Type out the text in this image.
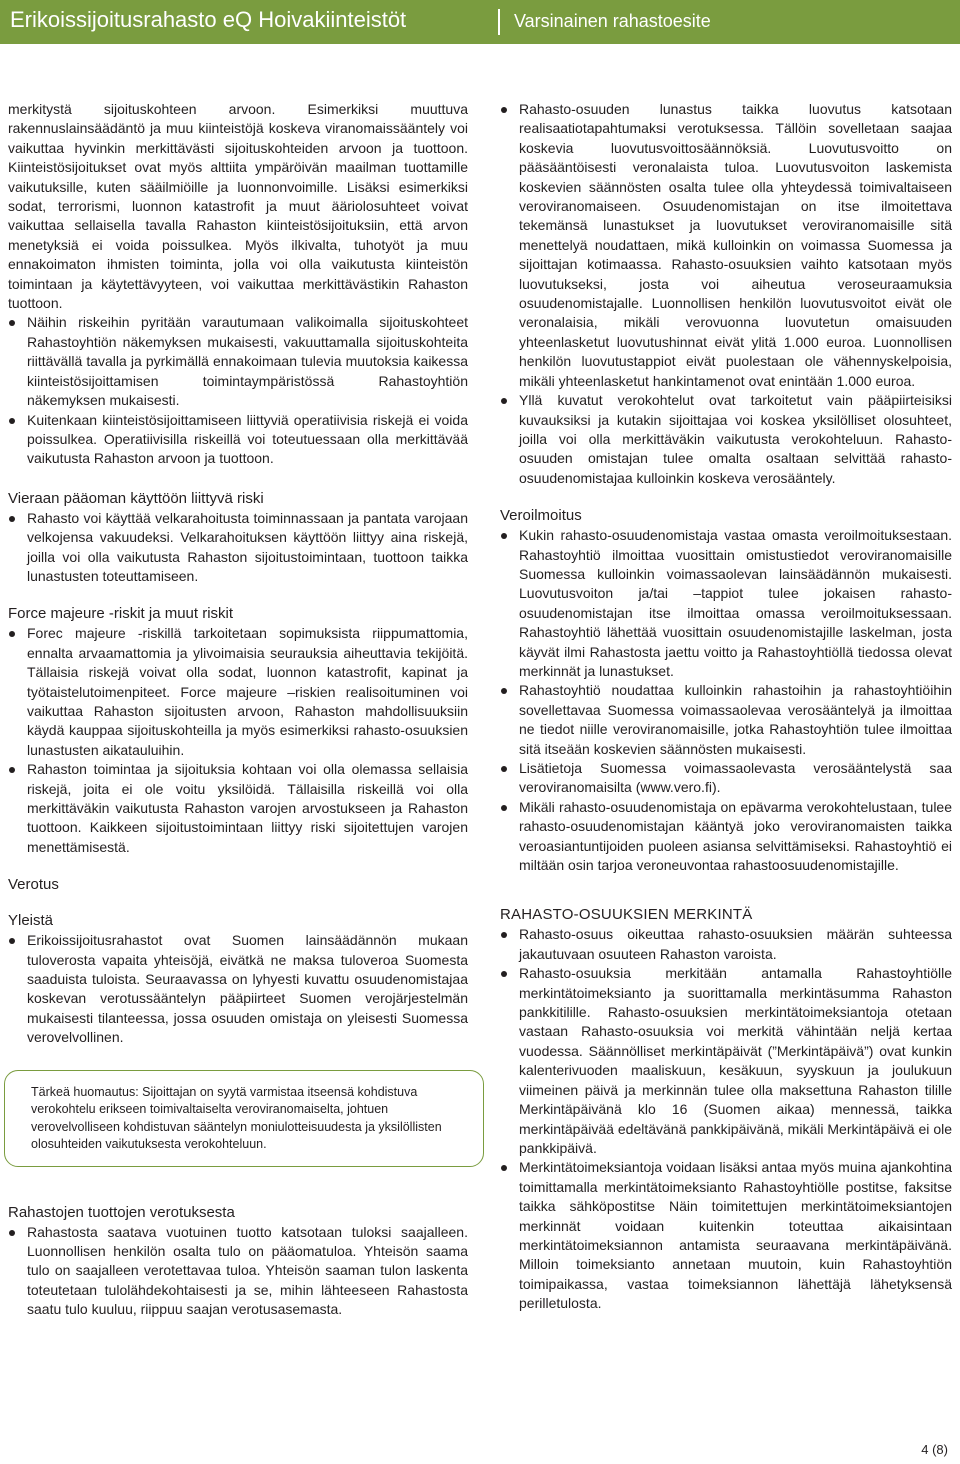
Erikoissijoitusrahasto eQ Hoivakiinteistöt	Varsinainen rahastoesite

merkitystä sijoituskohteen arvoon. Esimerkiksi muuttuva rakennuslainsäädäntö ja muu kiinteistöjä koskeva viranomaissääntely voi vaikuttaa hyvinkin merkittävästi sijoituskohteiden arvoon ja tuottoon. Kiinteistösijoitukset ovat myös alttiita ympäröivän maailman tuottamille vaikutuksille, kuten sääilmiöille ja luonnonvoimille. Lisäksi esimerkiksi sodat, terrorismi, luonnon katastrofit ja muut ääriolosuhteet voivat vaikuttaa sellaisella tavalla Rahaston kiinteistösijoituksiin, että arvon menetyksiä ei voida poissulkea. Myös ilkivalta, tuhotyöt ja muu ennakoimaton ihmisten toiminta, jolla voi olla vaikutusta kiinteistön toimintaan ja käytettävyyteen, voi vaikuttaa merkittävästikin Rahaston tuottoon.

Näihin riskeihin pyritään varautumaan valikoimalla sijoituskohteet Rahastoyhtiön näkemyksen mukaisesti, vakuuttamalla sijoituskohteita riittävällä tavalla ja pyrkimällä ennakoimaan tulevia muutoksia kaikessa kiinteistösijoittamisen toimintaympäristössä Rahastoyhtiön näkemyksen mukaisesti.
Kuitenkaan kiinteistösijoittamiseen liittyviä operatiivisia riskejä ei voida poissulkea. Operatiivisilla riskeillä voi toteutuessaan olla merkittävää vaikutusta Rahaston arvoon ja tuottoon.
Vieraan pääoman käyttöön liittyvä riski
Rahasto voi käyttää velkarahoitusta toiminnassaan ja pantata varojaan velkojensa vakuudeksi. Velkarahoituksen käyttöön liittyy aina riskejä, joilla voi olla vaikutusta Rahaston sijoitustoimintaan, tuottoon taikka lunastusten toteuttamiseen.
Force majeure -riskit ja muut riskit
Forec majeure -riskillä tarkoitetaan sopimuksista riippumattomia, ennalta arvaamattomia ja ylivoimaisia seurauksia aiheuttavia tekijöitä. Tällaisia riskejä voivat olla sodat, luonnon katastrofit, kapinat ja työtaistelutoimenpiteet. Force majeure –riskien realisoituminen voi vaikuttaa Rahaston sijoitusten arvoon, Rahaston mahdollisuuksiin käydä kauppaa sijoituskohteilla ja myös esimerkiksi rahasto-osuuksien lunastusten aikatauluihin.
Rahaston toimintaa ja sijoituksia kohtaan voi olla olemassa sellaisia riskejä, joita ei ole voitu yksilöidä. Tällaisilla riskeillä voi olla merkittäväkin vaikutusta Rahaston varojen arvostukseen ja Rahaston tuottoon. Kaikkeen sijoitustoimintaan liittyy riski sijoitettujen varojen menettämisestä.
Verotus
Yleistä
Erikoissijoitusrahastot ovat Suomen lainsäädännön mukaan tuloverosta vapaita yhteisöjä, eivätkä ne maksa tuloveroa Suomesta saaduista tuloista. Seuraavassa on lyhyesti kuvattu osuudenomistajaa koskevan verotussääntelyn pääpiirteet Suomen verojärjestelmän mukaisesti tilanteessa, jossa osuuden omistaja on yleisesti Suomessa verovelvollinen.
Tärkeä huomautus: Sijoittajan on syytä varmistaa itseensä kohdistuva verokohtelu erikseen toimivaltaiselta veroviranomaiselta, johtuen verovelvolliseen kohdistuvan sääntelyn moniulotteisuudesta ja yksilöllisten olosuhteiden vaikutuksesta verokohteluun.
Rahastojen tuottojen verotuksesta
Rahastosta saatava vuotuinen tuotto katsotaan tuloksi saajalleen. Luonnollisen henkilön osalta tulo on pääomatuloa. Yhteisön saama tulo on saajalleen verotettavaa tuloa. Yhteisön saaman tulon laskenta toteutetaan tulolähdekohtaisesti ja se, mihin lähteeseen Rahastosta saatu tulo kuuluu, riippuu saajan verotusasemasta.
Rahasto-osuuden lunastus taikka luovutus katsotaan realisaatiotapahtumaksi verotuksessa. Tällöin sovelletaan saajaa koskevia luovutusvoittosäännöksiä. Luovutusvoitto on pääsääntöisesti veronalaista tuloa. Luovutusvoiton laskemista koskevien säännösten osalta tulee olla yhteydessä toimivaltaiseen veroviranomaiseen. Osuudenomistajan on itse ilmoitettava tekemänsä lunastukset ja luovutukset veroviranomaisille sitä menettelyä noudattaen, mikä kulloinkin on voimassa Suomessa ja sijoittajan kotimaassa. Rahasto-osuuksien vaihto katsotaan myös luovutukseksi, josta voi aiheutua veroseuraamuksia osuudenomistajalle. Luonnollisen henkilön luovutusvoitot eivät ole veronalaisia, mikäli verovuonna luovutetun omaisuuden yhteenlasketut luovutushinnat eivät ylitä 1.000 euroa. Luonnollisen henkilön luovutustappiot eivät puolestaan ole vähennyskelpoisia, mikäli yhteenlasketut hankintamenot ovat enintään 1.000 euroa.
Yllä kuvatut verokohtelut ovat tarkoitetut vain pääpiirteisiksi kuvauksiksi ja kutakin sijoittajaa voi koskea yksilölliset olosuhteet, joilla voi olla merkittäväkin vaikutusta verokohteluun. Rahasto-osuuden omistajan tulee omalta osaltaan selvittää rahasto-osuudenomistajaa kulloinkin koskeva verosääntely.
Veroilmoitus
Kukin rahasto-osuudenomistaja vastaa omasta veroilmoituksestaan. Rahastoyhtiö ilmoittaa vuosittain omistustiedot veroviranomaisille Suomessa kulloinkin voimassaolevan lainsäädännön mukaisesti. Luovutusvoiton ja/tai –tappiot tulee jokaisen rahasto-osuudenomistajan itse ilmoittaa omassa veroilmoituksessaan. Rahastoyhtiö lähettää vuosittain osuudenomistajille laskelman, josta käyvät ilmi Rahastosta jaettu voitto ja Rahastoyhtiöllä tiedossa olevat merkinnät ja lunastukset.
Rahastoyhtiö noudattaa kulloinkin rahastoihin ja rahastoyhtiöihin sovellettavaa Suomessa voimassaolevaa verosääntelyä ja ilmoittaa ne tiedot niille veroviranomaisille, jotka Rahastoyhtiön tulee ilmoittaa sitä itseään koskevien säännösten mukaisesti.
Lisätietoja Suomessa voimassaolevasta verosääntelystä saa veroviranomaisilta (www.vero.fi).
Mikäli rahasto-osuudenomistaja on epävarma verokohtelustaan, tulee rahasto-osuudenomistajan kääntyä joko veroviranomaisten taikka veroasiantuntijoiden puoleen asiansa selvittämiseksi. Rahastoyhtiö ei miltään osin tarjoa veroneuvontaa rahastoosuudenomistajille.
RAHASTO-OSUUKSIEN MERKINTÄ
Rahasto-osuus oikeuttaa rahasto-osuuksien määrän suhteessa jakautuvaan osuuteen Rahaston varoista.
Rahasto-osuuksia merkitään antamalla Rahastoyhtiölle merkintätoimeksianto ja suorittamalla merkintäsumma Rahaston pankkitilille. Rahasto-osuuksien merkintätoimeksiantoja otetaan vastaan Rahasto-osuuksia voi merkitä vähintään neljä kertaa vuodessa. Säännölliset merkintäpäivät (”Merkintäpäivä”) ovat kunkin kalenterivuoden maaliskuun, kesäkuun, syyskuun ja joulukuun viimeinen päivä ja merkinnän tulee olla maksettuna Rahaston tilille Merkintäpäivänä klo 16 (Suomen aikaa) mennessä, taikka merkintäpäivää edeltävänä pankkipäivänä, mikäli Merkintäpäivä ei ole pankkipäivä.
Merkintätoimeksiantoja voidaan lisäksi antaa myös muina ajankohtina toimittamalla merkintätoimeksianto Rahastoyhtiölle postitse, faksitse taikka sähköpostitse Näin toimitettujen merkintätoimeksiantojen merkinnät voidaan kuitenkin toteuttaa aikaisintaan merkintätoimeksiannon antamista seuraavana merkintäpäivänä. Milloin toimeksianto annetaan muutoin, kuin Rahastoyhtiön toimipaikassa, vastaa toimeksiannon lähettäjä lähetyksensä perilletulosta.
4 (8)
